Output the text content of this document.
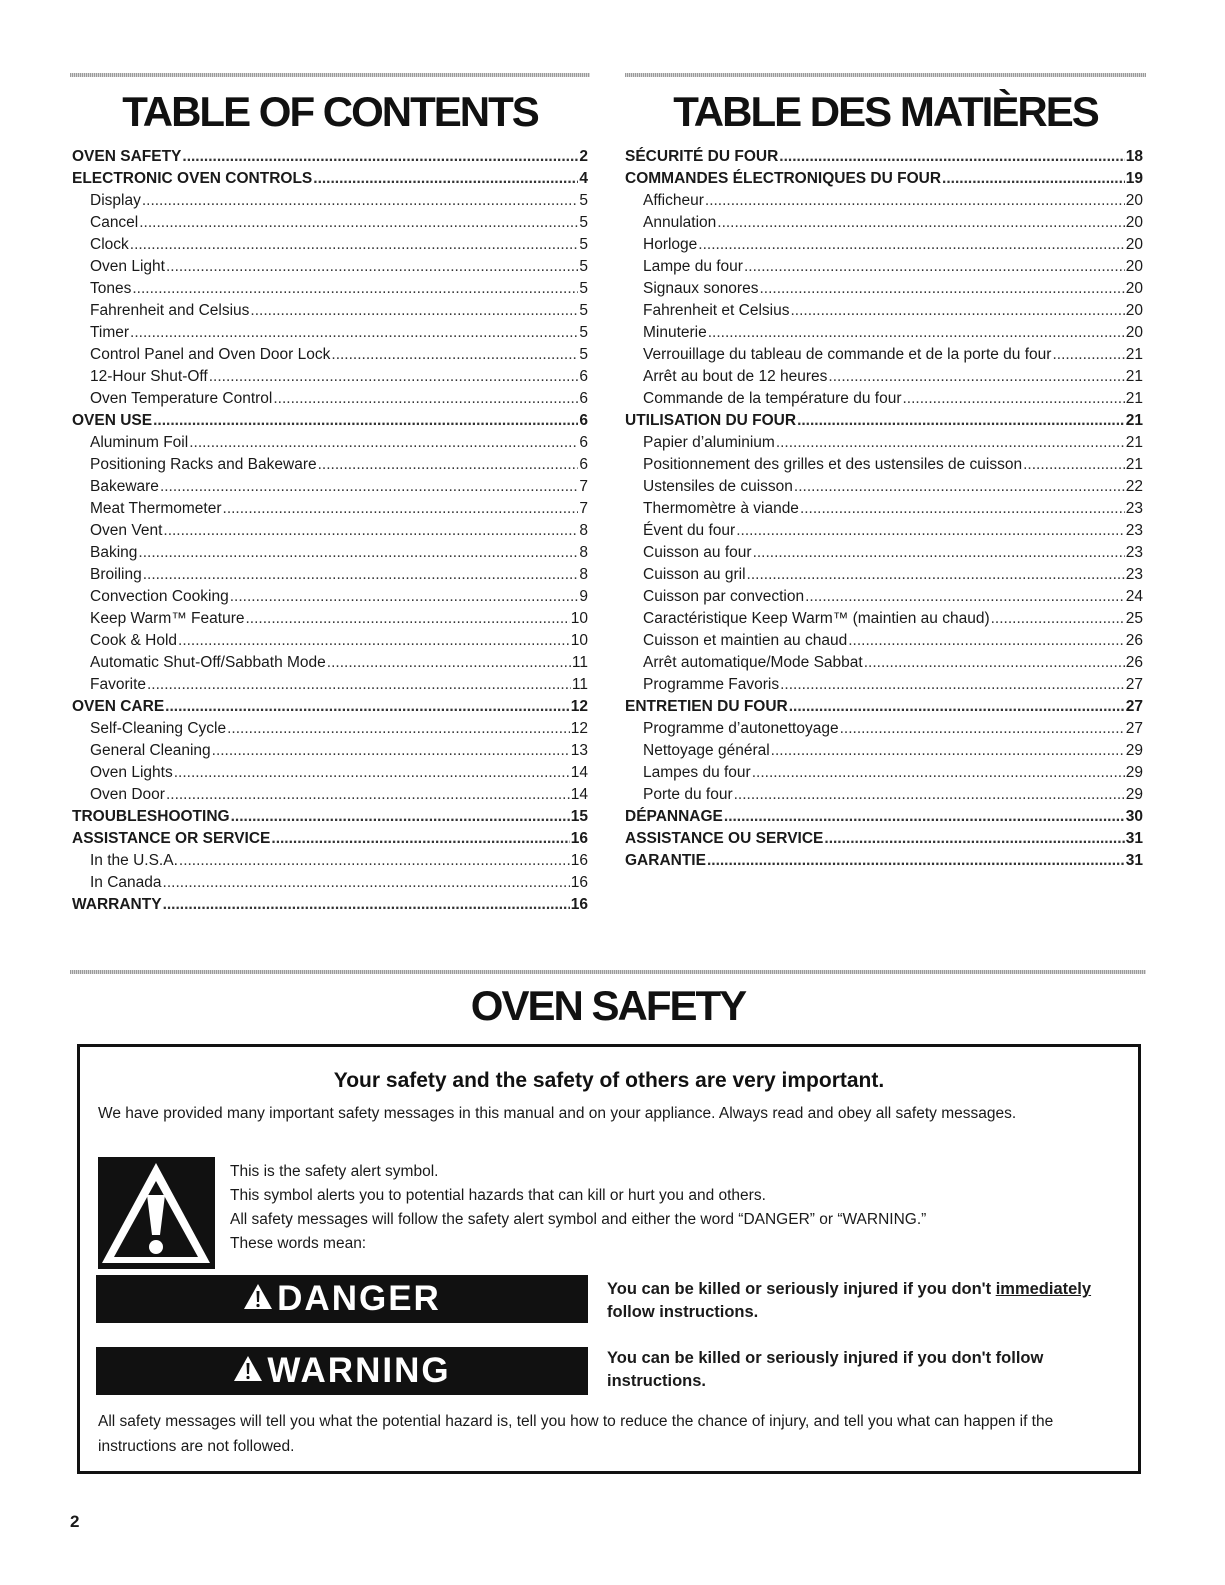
TABLE OF CONTENTS	TABLE DES MATIÈRES
OVEN SAFETY .....	2
ELECTRONIC OVEN CONTROLS .....	4
Display .....	5
Cancel .....	5
Clock .....	5
Oven Light .....	5
Tones .....	5
Fahrenheit and Celsius .....	5
Timer .....	5
Control Panel and Oven Door Lock .....	5
12-Hour Shut-Off .....	6
Oven Temperature Control .....	6
OVEN USE .....	6
Aluminum Foil .....	6
Positioning Racks and Bakeware .....	6
Bakeware .....	7
Meat Thermometer .....	7
Oven Vent .....	8
Baking .....	8
Broiling .....	8
Convection Cooking .....	9
Keep Warm™ Feature .....	10
Cook & Hold .....	10
Automatic Shut-Off/Sabbath Mode .....	11
Favorite .....	11
OVEN CARE .....	12
Self-Cleaning Cycle .....	12
General Cleaning .....	13
Oven Lights .....	14
Oven Door .....	14
TROUBLESHOOTING .....	15
ASSISTANCE OR SERVICE .....	16
In the U.S.A. .....	16
In Canada .....	16
WARRANTY .....	16
SÉCURITÉ DU FOUR .....	18
COMMANDES ÉLECTRONIQUES DU FOUR .....	19
Afficheur .....	20
Annulation .....	20
Horloge .....	20
Lampe du four .....	20
Signaux sonores .....	20
Fahrenheit et Celsius .....	20
Minuterie .....	20
Verrouillage du tableau de commande et de la porte du four .....	21
Arrêt au bout de 12 heures .....	21
Commande de la température du four .....	21
UTILISATION DU FOUR .....	21
Papier d’aluminium .....	21
Positionnement des grilles et des ustensiles de cuisson .....	21
Ustensiles de cuisson .....	22
Thermomètre à viande .....	23
Évent du four .....	23
Cuisson au four .....	23
Cuisson au gril .....	23
Cuisson par convection .....	24
Caractéristique Keep Warm™ (maintien au chaud) .....	25
Cuisson et maintien au chaud .....	26
Arrêt automatique/Mode Sabbat .....	26
Programme Favoris .....	27
ENTRETIEN DU FOUR .....	27
Programme d’autonettoyage .....	27
Nettoyage général .....	29
Lampes du four .....	29
Porte du four .....	29
DÉPANNAGE .....	30
ASSISTANCE OU SERVICE .....	31
GARANTIE .....	31
OVEN SAFETY
Your safety and the safety of others are very important.

We have provided many important safety messages in this manual and on your appliance. Always read and obey all safety messages.

This is the safety alert symbol.
This symbol alerts you to potential hazards that can kill or hurt you and others.
All safety messages will follow the safety alert symbol and either the word “DANGER” or “WARNING.”
These words mean:
DANGER	You can be killed or seriously injured if you don't immediately follow instructions.
WARNING	You can be killed or seriously injured if you don't follow instructions.

All safety messages will tell you what the potential hazard is, tell you how to reduce the chance of injury, and tell you what can happen if the instructions are not followed.

2
